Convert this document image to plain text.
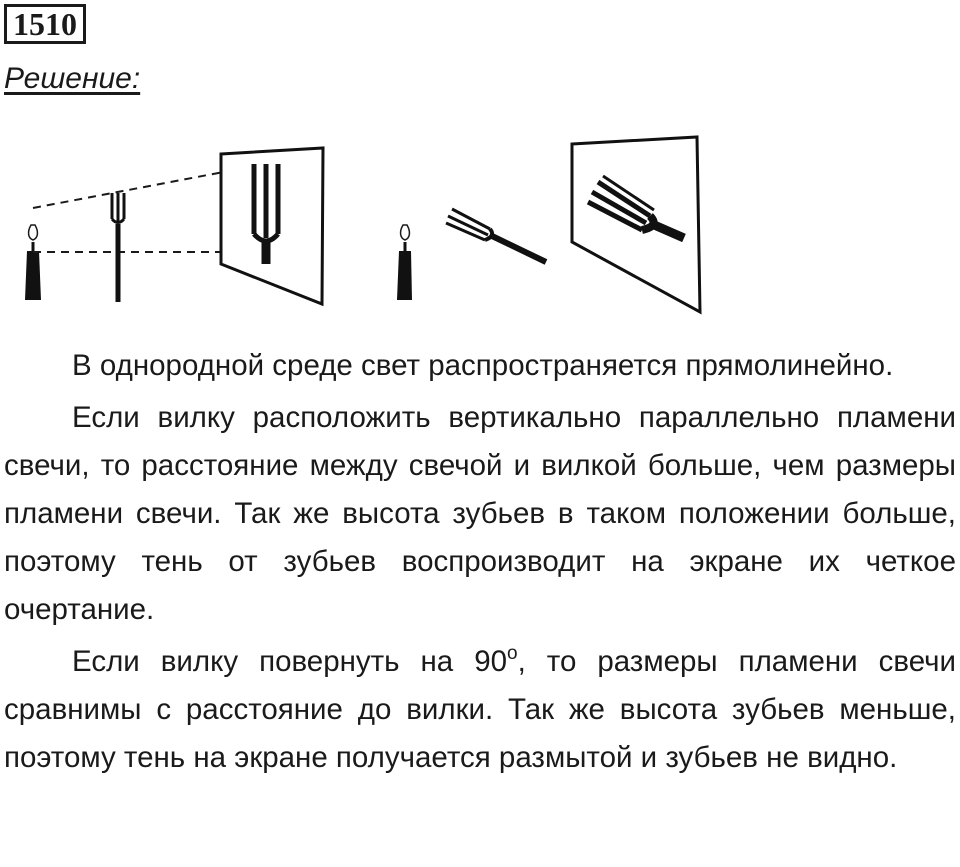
1510
Решение:

В однородной среде свет распространяется прямолинейно.

Если вилку расположить вертикально параллельно пламени свечи, то расстояние между свечой и вилкой больше, чем размеры пламени свечи. Так же высота зубьев в таком положении больше, поэтому тень от зубьев воспроизводит на экране их четкое очертание.

Если вилку повернуть на $90^о$, то размеры пламени свечи сравнимы с расстояние до вилки. Так же высота зубьев меньше, поэтому тень на экране получается размытой и зубьев не видно.
